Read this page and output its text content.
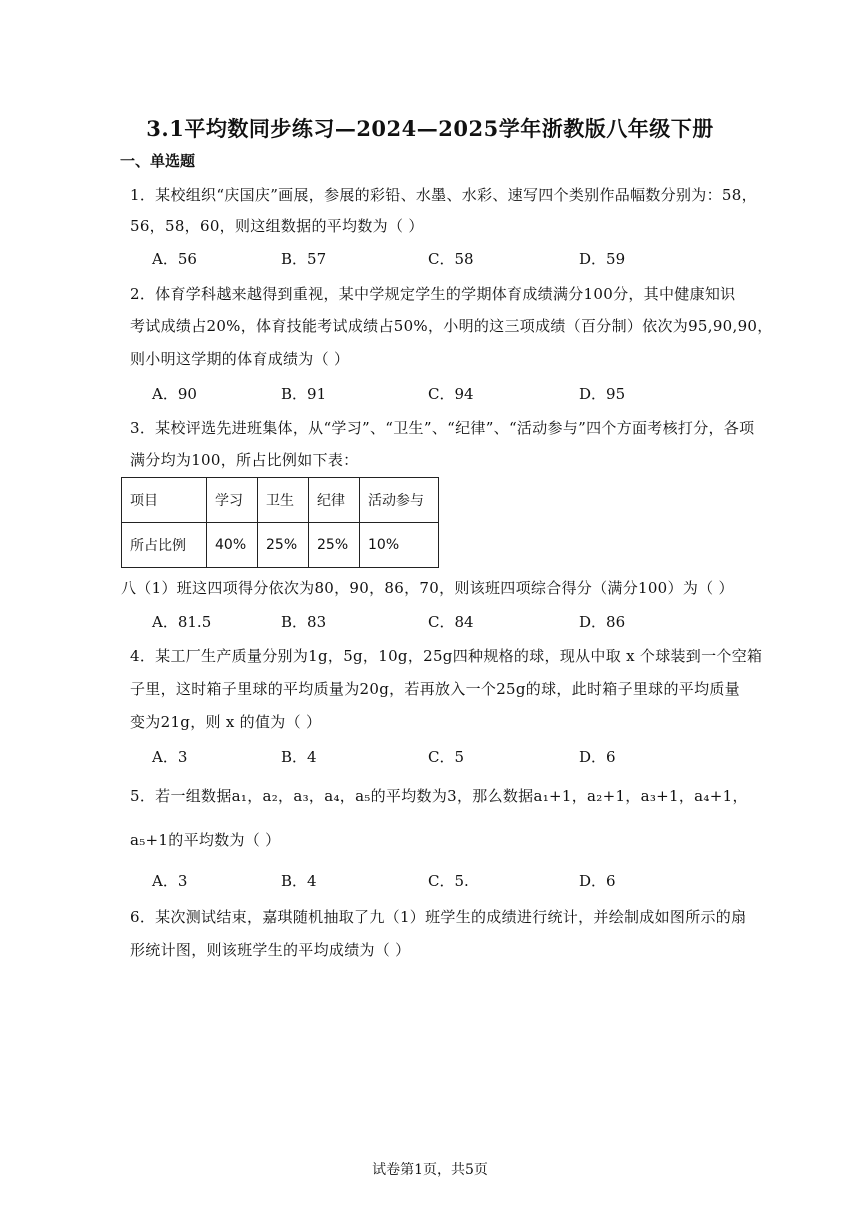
3.1平均数同步练习—2024—2025学年浙教版八年级下册
一、单选题
1．某校组织“庆国庆”画展，参展的彩铅、水墨、水彩、速写四个类别作品幅数分别为：58，
56，58，60，则这组数据的平均数为（ ）
A．56	B．57	C．58	D．59
2．体育学科越来越得到重视，某中学规定学生的学期体育成绩满分100分，其中健康知识
考试成绩占20%，体育技能考试成绩占50%，小明的这三项成绩（百分制）依次为95,90,90，
则小明这学期的体育成绩为（ ）
A．90	B．91	C．94	D．95
3．某校评选先进班集体，从“学习”、“卫生”、“纪律”、“活动参与”四个方面考核打分，各项
满分均为100，所占比例如下表：
项目	学习	卫生	纪律	活动参与
所占比例	40%	25%	25%	10%
八（1）班这四项得分依次为80，90，86，70，则该班四项综合得分（满分100）为（ ）
A．81.5	B．83	C．84	D．86
4．某工厂生产质量分别为1g，5g，10g，25g四种规格的球，现从中取 x 个球装到一个空箱
子里，这时箱子里球的平均质量为20g，若再放入一个25g的球，此时箱子里球的平均质量
变为21g，则 x 的值为（ ）
A．3	B．4	C．5	D．6
5．若一组数据a₁，a₂，a₃，a₄，a₅的平均数为3，那么数据a₁+1，a₂+1，a₃+1，a₄+1，
a₅+1的平均数为（ ）
A．3	B．4	C．5.	D．6
6．某次测试结束，嘉琪随机抽取了九（1）班学生的成绩进行统计，并绘制成如图所示的扇
形统计图，则该班学生的平均成绩为（ ）
试卷第1页，共5页
